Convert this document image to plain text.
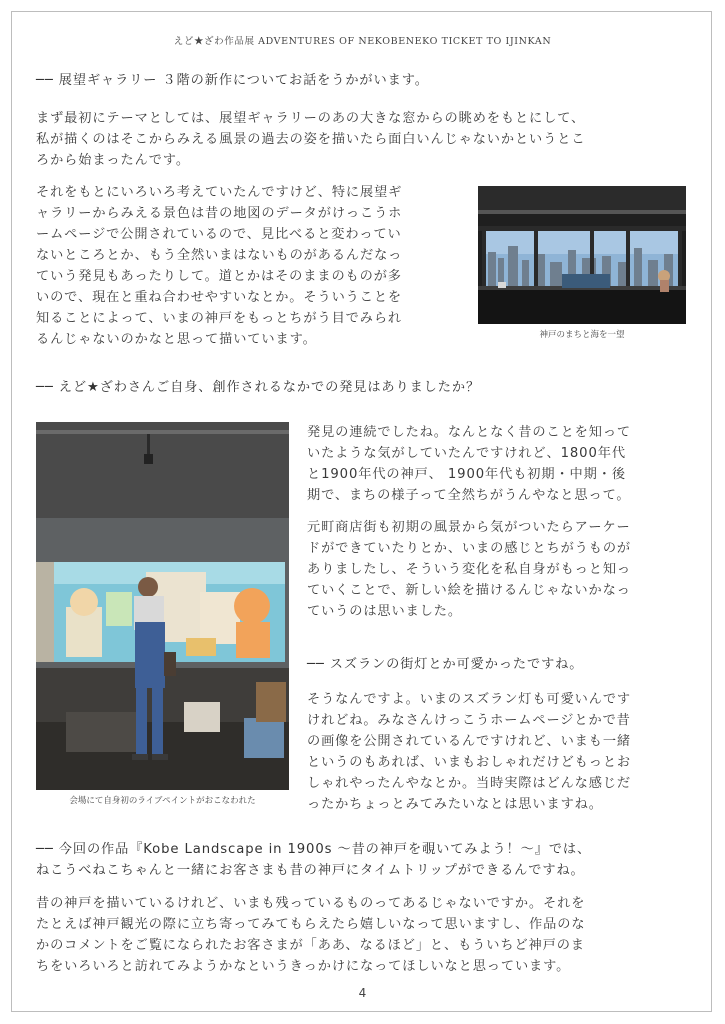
えど★ざわ作品展 ADVENTURES OF NEKOBENEKO TICKET TO IJINKAN

── 展望ギャラリー ３階の新作についてお話をうかがいます。

まず最初にテーマとしては、展望ギャラリーのあの大きな窓からの眺めをもとにして、
私が描くのはそこからみえる風景の過去の姿を描いたら面白いんじゃないかというとこ
ろから始まったんです。

それをもとにいろいろ考えていたんですけど、特に展望ギ
ャラリーからみえる景色は昔の地図のデータがけっこうホ
ームページで公開されているので、見比べると変わってい
ないところとか、もう全然いまはないものがあるんだなっ
ていう発見もあったりして。道とかはそのままのものが多
いので、現在と重ね合わせやすいなとか。そういうことを
知ることによって、いまの神戸をもっとちがう目でみられ
るんじゃないのかなと思って描いています。	神戸のまちと海を一望

── えど★ざわさんご自身、創作されるなかでの発見はありましたか？

会場にて自身初のライブペイントがおこなわれた

発見の連続でしたね。なんとなく昔のことを知って
いたような気がしていたんですけれど、1800年代
と1900年代の神戸、 1900年代も初期・中期・後
期で、まちの様子って全然ちがうんやなと思って。

元町商店街も初期の風景から気がついたらアーケー
ドができていたりとか、いまの感じとちがうものが
ありましたし、そういう変化を私自身がもっと知っ
ていくことで、新しい絵を描けるんじゃないかなっ
ていうのは思いました。

── スズランの街灯とか可愛かったですね。

そうなんですよ。いまのスズラン灯も可愛いんです
けれどね。みなさんけっこうホームページとかで昔
の画像を公開されているんですけれど、いまも一緒
というのもあれば、いまもおしゃれだけどもっとお
しゃれやったんやなとか。当時実際はどんな感じだ
ったかちょっとみてみたいなとは思いますね。

── 今回の作品『Kobe Landscape in 1900s 〜昔の神戸を覗いてみよう！〜』では、
ねこうべねこちゃんと一緒にお客さまも昔の神戸にタイムトリップができるんですね。

昔の神戸を描いているけれど、いまも残っているものってあるじゃないですか。それを
たとえば神戸観光の際に立ち寄ってみてもらえたら嬉しいなって思いますし、作品のな
かのコメントをご覧になられたお客さまが「ああ、なるほど」と、もういちど神戸のま
ちをいろいろと訪れてみようかなというきっかけになってほしいなと思っています。

4
